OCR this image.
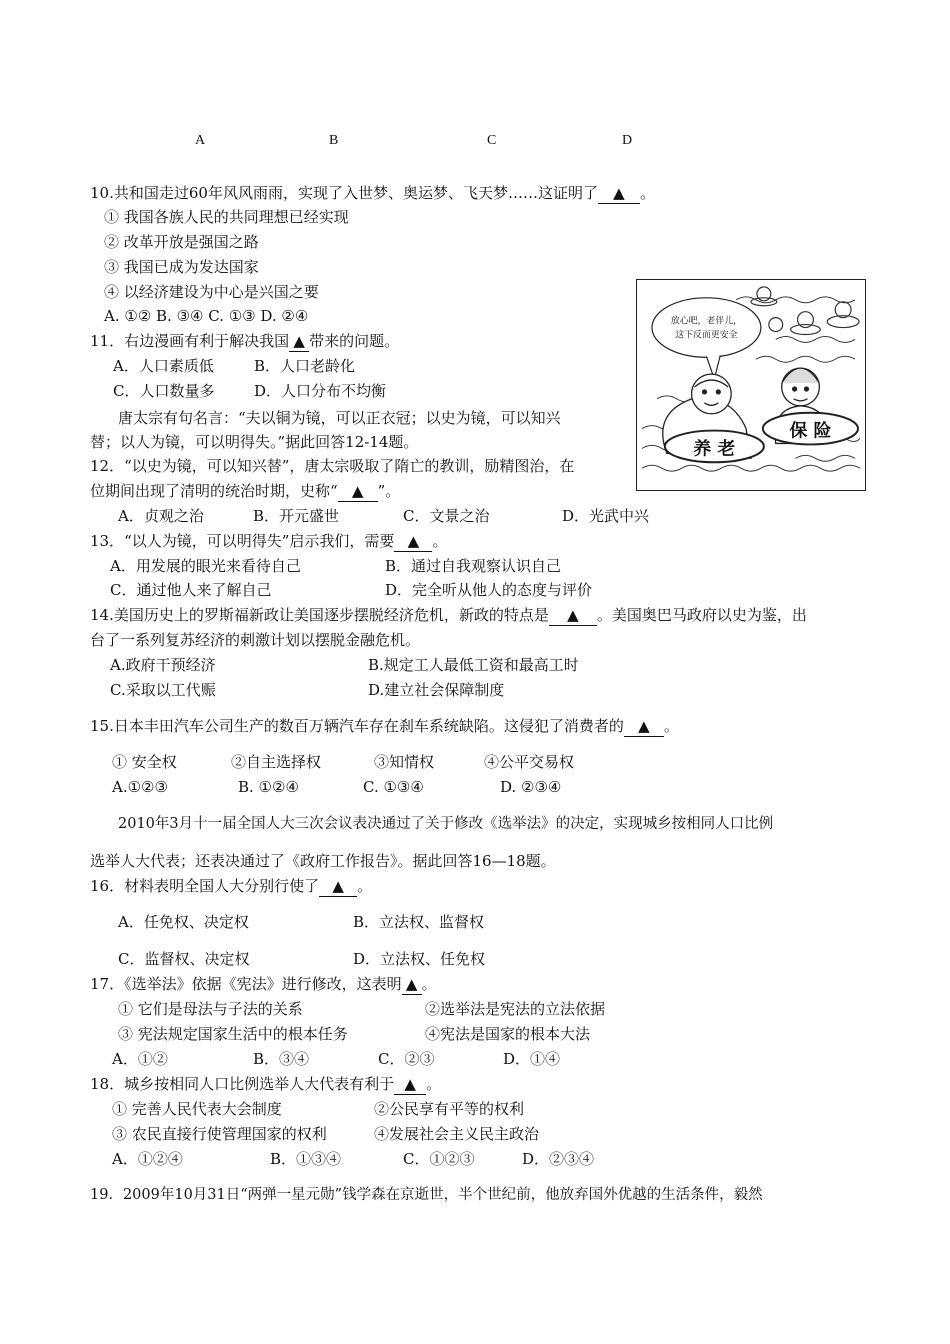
A	B	C	D
10.共和国走过60年风风雨雨，实现了入世梦、奥运梦、飞天梦……这证明了 ▲ 。
① 我国各族人民的共同理想已经实现
② 改革开放是强国之路
③ 我国已成为发达国家
④ 以经济建设为中心是兴国之要
A. ①② B. ③④ C. ①③ D. ②④
11．右边漫画有利于解决我国 ▲ 带来的问题。
A．人口素质低	B．人口老龄化
C．人口数量多	D．人口分布不均衡
放心吧，老伴儿，
这下反而更安全
养 老
保 险
唐太宗有句名言：“夫以铜为镜，可以正衣冠；以史为镜，可以知兴
替；以人为镜，可以明得失。”据此回答12-14题。
12．“以史为镜，可以知兴替”，唐太宗吸取了隋亡的教训，励精图治，在
位期间出现了清明的统治时期，史称“ ▲ ”。
A．贞观之治	B．开元盛世	C．文景之治	D．光武中兴
13．“以人为镜，可以明得失”启示我们，需要 ▲ 。
A．用发展的眼光来看待自己	B．通过自我观察认识自己
C．通过他人来了解自己	D．完全听从他人的态度与评价
14.美国历史上的罗斯福新政让美国逐步摆脱经济危机，新政的特点是 ▲ 。美国奥巴马政府以史为鉴，出
台了一系列复苏经济的刺激计划以摆脱金融危机。
A.政府干预经济	B.规定工人最低工资和最高工时
C.采取以工代赈	D.建立社会保障制度
15.日本丰田汽车公司生产的数百万辆汽车存在刹车系统缺陷。这侵犯了消费者的 ▲ 。
① 安全权	②自主选择权	③知情权	④公平交易权
A.①②③	B. ①②④	C. ①③④	D. ②③④
2010年3月十一届全国人大三次会议表决通过了关于修改《选举法》的决定，实现城乡按相同人口比例
选举人大代表；还表决通过了《政府工作报告》。据此回答16—18题。
16．材料表明全国人大分别行使了 ▲ 。
A．任免权、决定权	B．立法权、监督权
C．监督权、决定权	D．立法权、任免权
17．《选举法》依据《宪法》进行修改，这表明 ▲ 。
① 它们是母法与子法的关系	②选举法是宪法的立法依据
③ 宪法规定国家生活中的根本任务	④宪法是国家的根本大法
A．①②	B．③④	C．②③	D．①④
18．城乡按相同人口比例选举人大代表有利于 ▲ 。
① 完善人民代表大会制度	②公民享有平等的权利
③ 农民直接行使管理国家的权利	④发展社会主义民主政治
A．①②④	B．①③④	C．①②③	D．②③④
19．2009年10月31日“两弹一星元勋”钱学森在京逝世，半个世纪前，他放弃国外优越的生活条件，毅然
